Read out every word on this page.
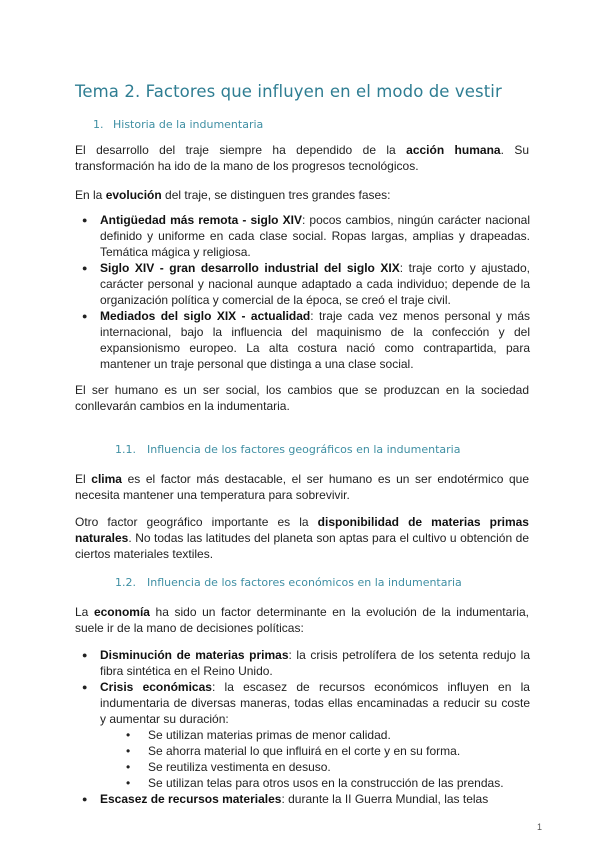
Tema 2. Factores que influyen en el modo de vestir
1. Historia de la indumentaria

El desarrollo del traje siempre ha dependido de la acción humana. Su transformación ha ido de la mano de los progresos tecnológicos.

En la evolución del traje, se distinguen tres grandes fases:

● Antigüedad más remota - siglo XIV: pocos cambios, ningún carácter nacional definido y uniforme en cada clase social. Ropas largas, amplias y drapeadas. Temática mágica y religiosa.
● Siglo XIV - gran desarrollo industrial del siglo XIX: traje corto y ajustado, carácter personal y nacional aunque adaptado a cada individuo; depende de la organización política y comercial de la época, se creó el traje civil.
● Mediados del siglo XIX - actualidad: traje cada vez menos personal y más internacional, bajo la influencia del maquinismo de la confección y del expansionismo europeo. La alta costura nació como contrapartida, para mantener un traje personal que distinga a una clase social.

El ser humano es un ser social, los cambios que se produzcan en la sociedad conllevarán cambios en la indumentaria.

1.1. Influencia de los factores geográficos en la indumentaria

El clima es el factor más destacable, el ser humano es un ser endotérmico que necesita mantener una temperatura para sobrevivir.

Otro factor geográfico importante es la disponibilidad de materias primas naturales. No todas las latitudes del planeta son aptas para el cultivo u obtención de ciertos materiales textiles.

1.2. Influencia de los factores económicos en la indumentaria

La economía ha sido un factor determinante en la evolución de la indumentaria, suele ir de la mano de decisiones políticas:

● Disminución de materias primas: la crisis petrolífera de los setenta redujo la fibra sintética en el Reino Unido.
● Crisis económicas: la escasez de recursos económicos influyen en la indumentaria de diversas maneras, todas ellas encaminadas a reducir su coste y aumentar su duración:
• Se utilizan materias primas de menor calidad.
• Se ahorra material lo que influirá en el corte y en su forma.
• Se reutiliza vestimenta en desuso.
• Se utilizan telas para otros usos en la construcción de las prendas.
● Escasez de recursos materiales: durante la II Guerra Mundial, las telas
1
